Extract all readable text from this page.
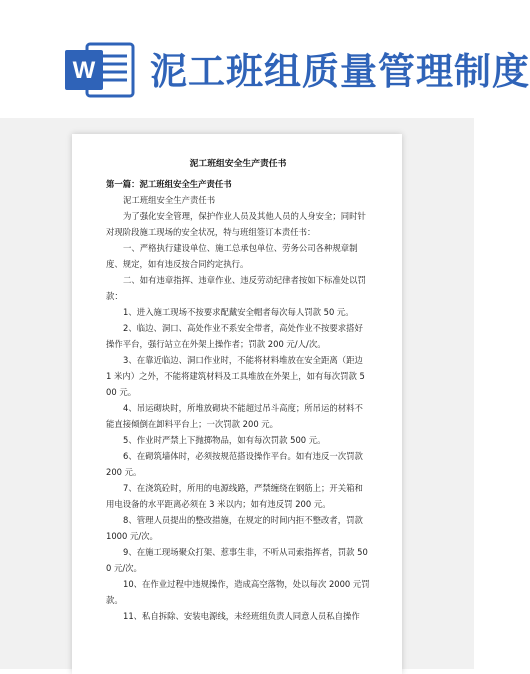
W 泥工班组质量管理制度
泥工班组安全生产责任书

第一篇：泥工班组安全生产责任书

泥工班组安全生产责任书

为了强化安全管理，保护作业人员及其他人员的人身安全；同时针对现阶段施工现场的安全状况，特与班组签订本责任书：

一、严格执行建设单位、施工总承包单位、劳务公司各种规章制度、规定，如有违反按合同约定执行。

二、如有违章指挥、违章作业、违反劳动纪律者按如下标准处以罚款：

1、进入施工现场不按要求配戴安全帽者每次每人罚款 50 元。

2、临边、洞口、高处作业不系安全带者，高处作业不按要求搭好操作平台，强行站立在外架上操作者；罚款 200 元/人/次。

3、在靠近临边、洞口作业时，不能将材料堆放在安全距离（距边 1 米内）之外，不能将建筑材料及工具堆放在外架上，如有每次罚款 500 元。

4、吊运砌块时，所堆放砌块不能超过吊斗高度；所吊运的材料不能直接倾倒在卸料平台上；一次罚款 200 元。

5、作业时严禁上下抛掷物品，如有每次罚款 500 元。

6、在砌筑墙体时，必须按规范搭设操作平台。如有违反一次罚款 200 元。

7、在浇筑砼时，所用的电源线路，严禁缠绕在钢筋上；开关箱和用电设备的水平距离必须在 3 米以内；如有违反罚 200 元。

8、管理人员提出的整改措施，在规定的时间内拒不整改者，罚款 1000 元/次。

9、在施工现场聚众打架、惹事生非，不听从司索指挥者，罚款 500 元/次。

10、在作业过程中违规操作，造成高空落物，处以每次 2000 元罚款。

11、私自拆除、安装电源线，未经班组负责人同意人员私自操作
